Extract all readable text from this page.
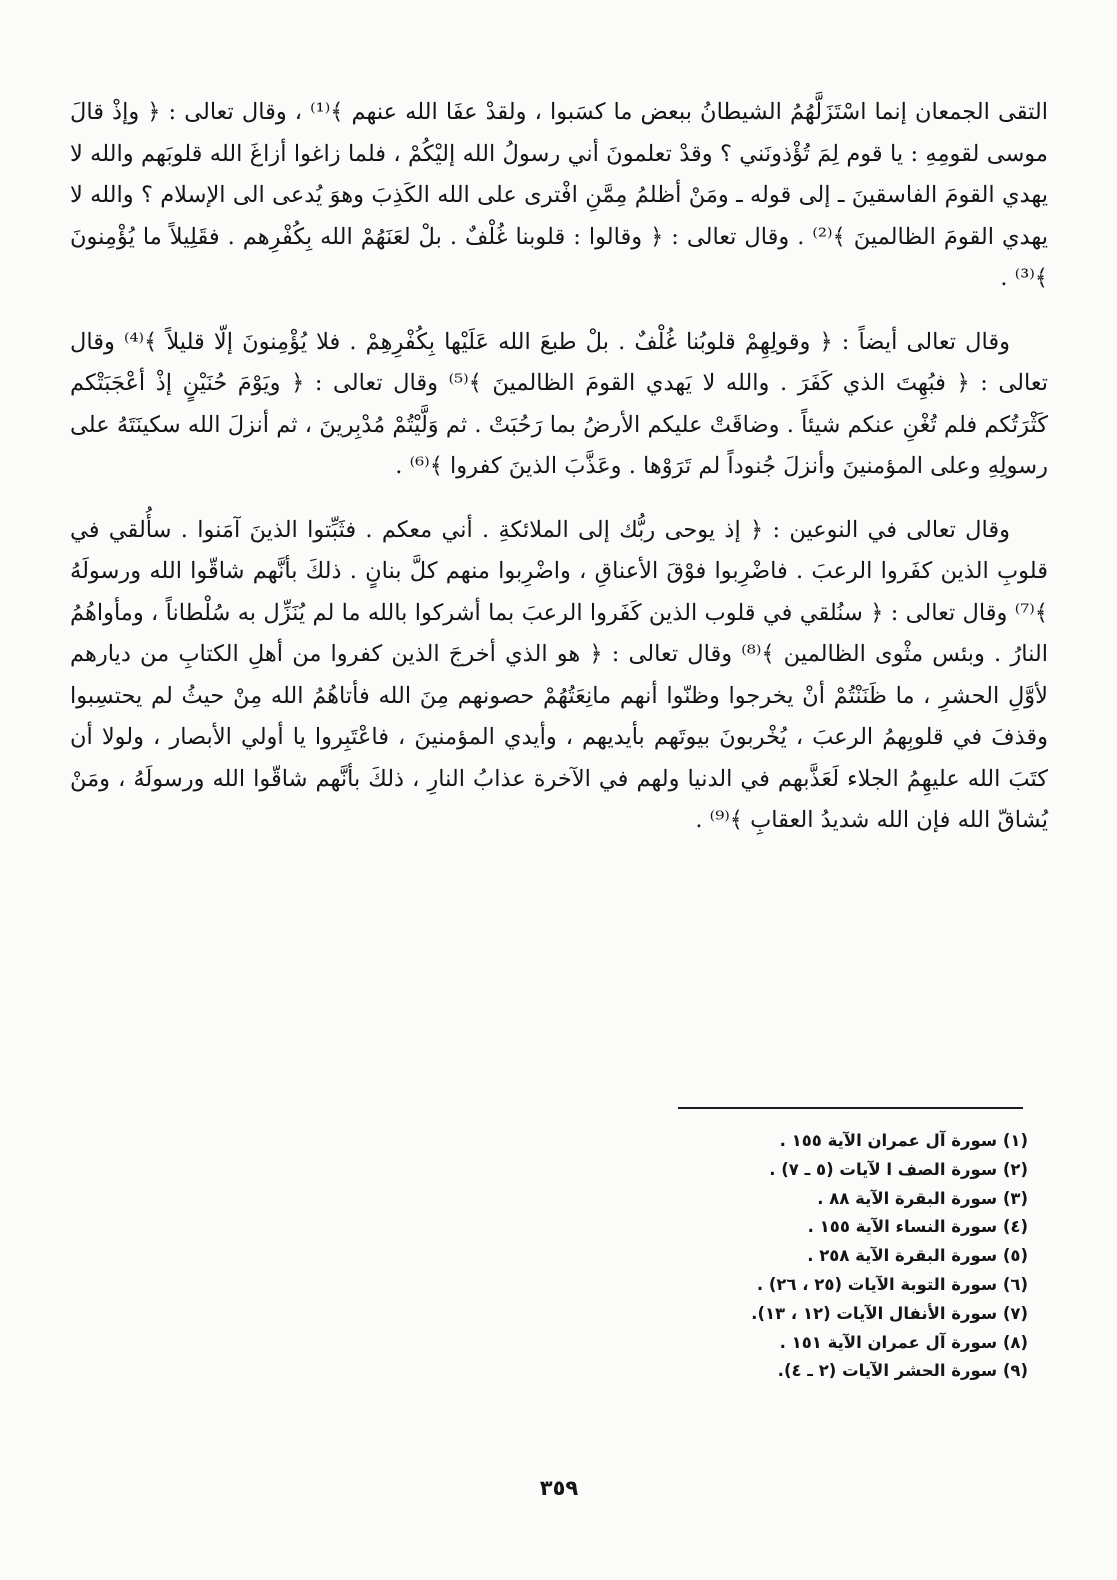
التقى الجمعان إنما اسْتَزَلَّهُمُ الشيطانُ ببعض ما كسَبوا ، ولقدْ عفَا الله عنهم ﴾⁽¹⁾ ، وقال تعالى : ﴿ وإذْ قالَ موسى لقومِهِ : يا قوم لِمَ تُؤْذونَني ؟ وقدْ تعلمونَ أني رسولُ الله إليْكُمْ ، فلما زاغوا أزاغَ الله قلوبَهم والله لا يهدي القومَ الفاسقينَ ـ إلى قوله ـ ومَنْ أظلمُ مِمَّنِ افْترى على الله الكَذِبَ وهوَ يُدعى الى الإسلام ؟ والله لا يهدي القومَ الظالمينَ ﴾⁽²⁾ . وقال تعالى : ﴿ وقالوا : قلوبنا غُلْفٌ . بلْ لعَنَهُمْ الله بِكُفْرِهم . فقَلِيلاً ما يُؤْمِنونَ ﴾⁽³⁾ .

وقال تعالى أيضاً : ﴿ وقولِهِمْ قلوبُنا غُلْفٌ . بلْ طبعَ الله عَلَيْها بِكُفْرِهِمْ . فلا يُؤْمِنونَ إلّا قليلاً ﴾⁽⁴⁾ وقال تعالى : ﴿ فبُهِتَ الذي كَفَرَ . والله لا يَهدي القومَ الظالمينَ ﴾⁽⁵⁾ وقال تعالى : ﴿ ويَوْمَ حُنَيْنٍ إذْ أعْجَبَتْكم كَثْرَتُكم فلم تُغْنِ عنكم شيئاً . وضاقَتْ عليكم الأرضُ بما رَحُبَتْ . ثم وَلَّيْتُمْ مُدْبِرينَ ، ثم أنزلَ الله سكينَتَهُ على رسولِهِ وعلى المؤمنينَ وأنزلَ جُنوداً لم تَرَوْها . وعَذَّبَ الذينَ كفروا ﴾⁽⁶⁾ .

وقال تعالى في النوعين : ﴿ إذ يوحى ربُّك إلى الملائكةِ . أني معكم . فثَبِّتوا الذينَ آمَنوا . سأُلقي في قلوبِ الذين كفَروا الرعبَ . فاضْرِبوا فوْقَ الأعناقِ ، واضْرِبوا منهم كلَّ بنانٍ . ذلكَ بأنَّهم شاقّوا الله ورسولَهُ ﴾⁽⁷⁾ وقال تعالى : ﴿ سنُلقي في قلوب الذين كَفَروا الرعبَ بما أشركوا بالله ما لم يُنَزِّل به سُلْطاناً ، ومأواهُمُ النارُ . وبئس مثْوى الظالمين ﴾⁽⁸⁾ وقال تعالى : ﴿ هو الذي أخرجَ الذين كفروا من أهلِ الكتابِ من ديارهم لأوَّلِ الحشرِ ، ما ظَنَنْتُمْ أنْ يخرجوا وظنّوا أنهم مانِعَتُهُمْ حصونهم مِنَ الله فأتاهُمُ الله مِنْ حيثُ لم يحتسِبوا وقذفَ في قلوبِهمُ الرعبَ ، يُخْربونَ بيوتَهم بأيديهم ، وأيدي المؤمنينَ ، فاعْتَبِروا يا أولي الأبصار ، ولولا أن كتَبَ الله عليهِمُ الجلاء لَعَذَّبهم في الدنيا ولهم في الآخرة عذابُ النارِ ، ذلكَ بأنَّهم شاقّوا الله ورسولَهُ ، ومَنْ يُشاقّ الله فإن الله شديدُ العقابِ ﴾⁽⁹⁾ .

(١) سورة آل عمران الآية ١٥٥ .
(٢) سورة الصف ا لآيات (٥ ـ ٧) .
(٣) سورة البقرة الآية ٨٨ .
(٤) سورة النساء الآية ١٥٥ .
(٥) سورة البقرة الآية ٢٥٨ .
(٦) سورة التوبة الآيات (٢٥ ، ٢٦) .
(٧) سورة الأنفال الآيات (١٢ ، ١٣).
(٨) سورة آل عمران الآية ١٥١ .
(٩) سورة الحشر الآيات (٢ ـ ٤).
٣٥٩
